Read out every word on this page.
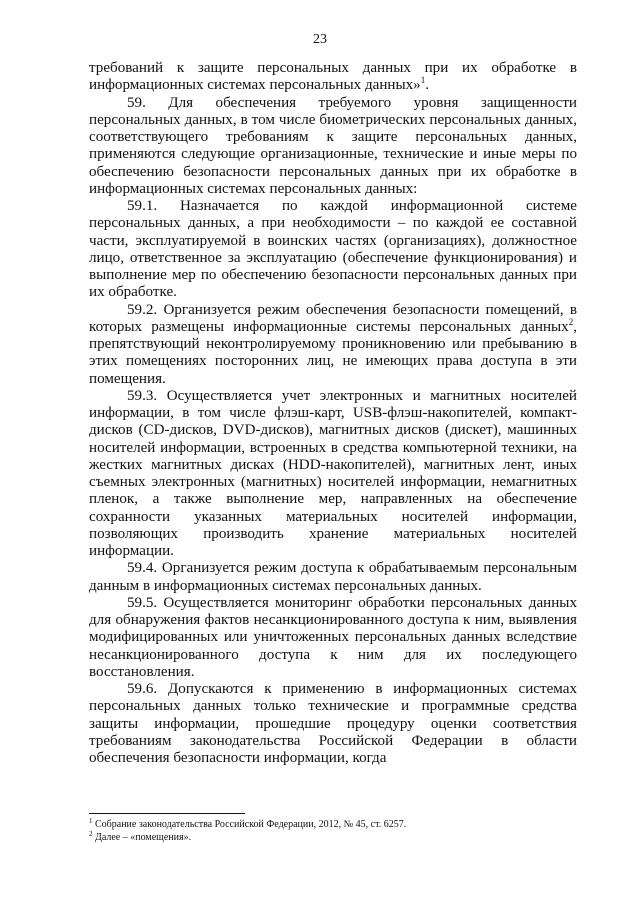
23

требований к защите персональных данных при их обработке в информационных системах персональных данных»$^1$.

59. Для обеспечения требуемого уровня защищенности персональных данных, в том числе биометрических персональных данных, соответствующего требованиям к защите персональных данных, применяются следующие организационные, технические и иные меры по обеспечению безопасности персональных данных при их обработке в информационных системах персональных данных:

59.1. Назначается по каждой информационной системе персональных данных, а при необходимости – по каждой ее составной части, эксплуатируемой в воинских частях (организациях), должностное лицо, ответственное за эксплуатацию (обеспечение функционирования) и выполнение мер по обеспечению безопасности персональных данных при их обработке.

59.2. Организуется режим обеспечения безопасности помещений, в которых размещены информационные системы персональных данных$^2$, препятствующий неконтролируемому проникновению или пребыванию в этих помещениях посторонних лиц, не имеющих права доступа в эти помещения.

59.3. Осуществляется учет электронных и магнитных носителей информации, в том числе флэш-карт, USB-флэш-накопителей, компакт-дисков (CD-дисков, DVD-дисков), магнитных дисков (дискет), машинных носителей информации, встроенных в средства компьютерной техники, на жестких магнитных дисках (HDD-накопителей), магнитных лент, иных съемных электронных (магнитных) носителей информации, немагнитных пленок, а также выполнение мер, направленных на обеспечение сохранности указанных материальных носителей информации, позволяющих производить хранение материальных носителей информации.

59.4. Организуется режим доступа к обрабатываемым персональным данным в информационных системах персональных данных.

59.5. Осуществляется мониторинг обработки персональных данных для обнаружения фактов несанкционированного доступа к ним, выявления модифицированных или уничтоженных персональных данных вследствие несанкционированного доступа к ним для их последующего восстановления.

59.6. Допускаются к применению в информационных системах персональных данных только технические и программные средства защиты информации, прошедшие процедуру оценки соответствия требованиям законодательства Российской Федерации в области обеспечения безопасности информации, когда

$^1$ Собрание законодательства Российской Федерации, 2012, № 45, ст. 6257.
$^2$ Далее – «помещения».
